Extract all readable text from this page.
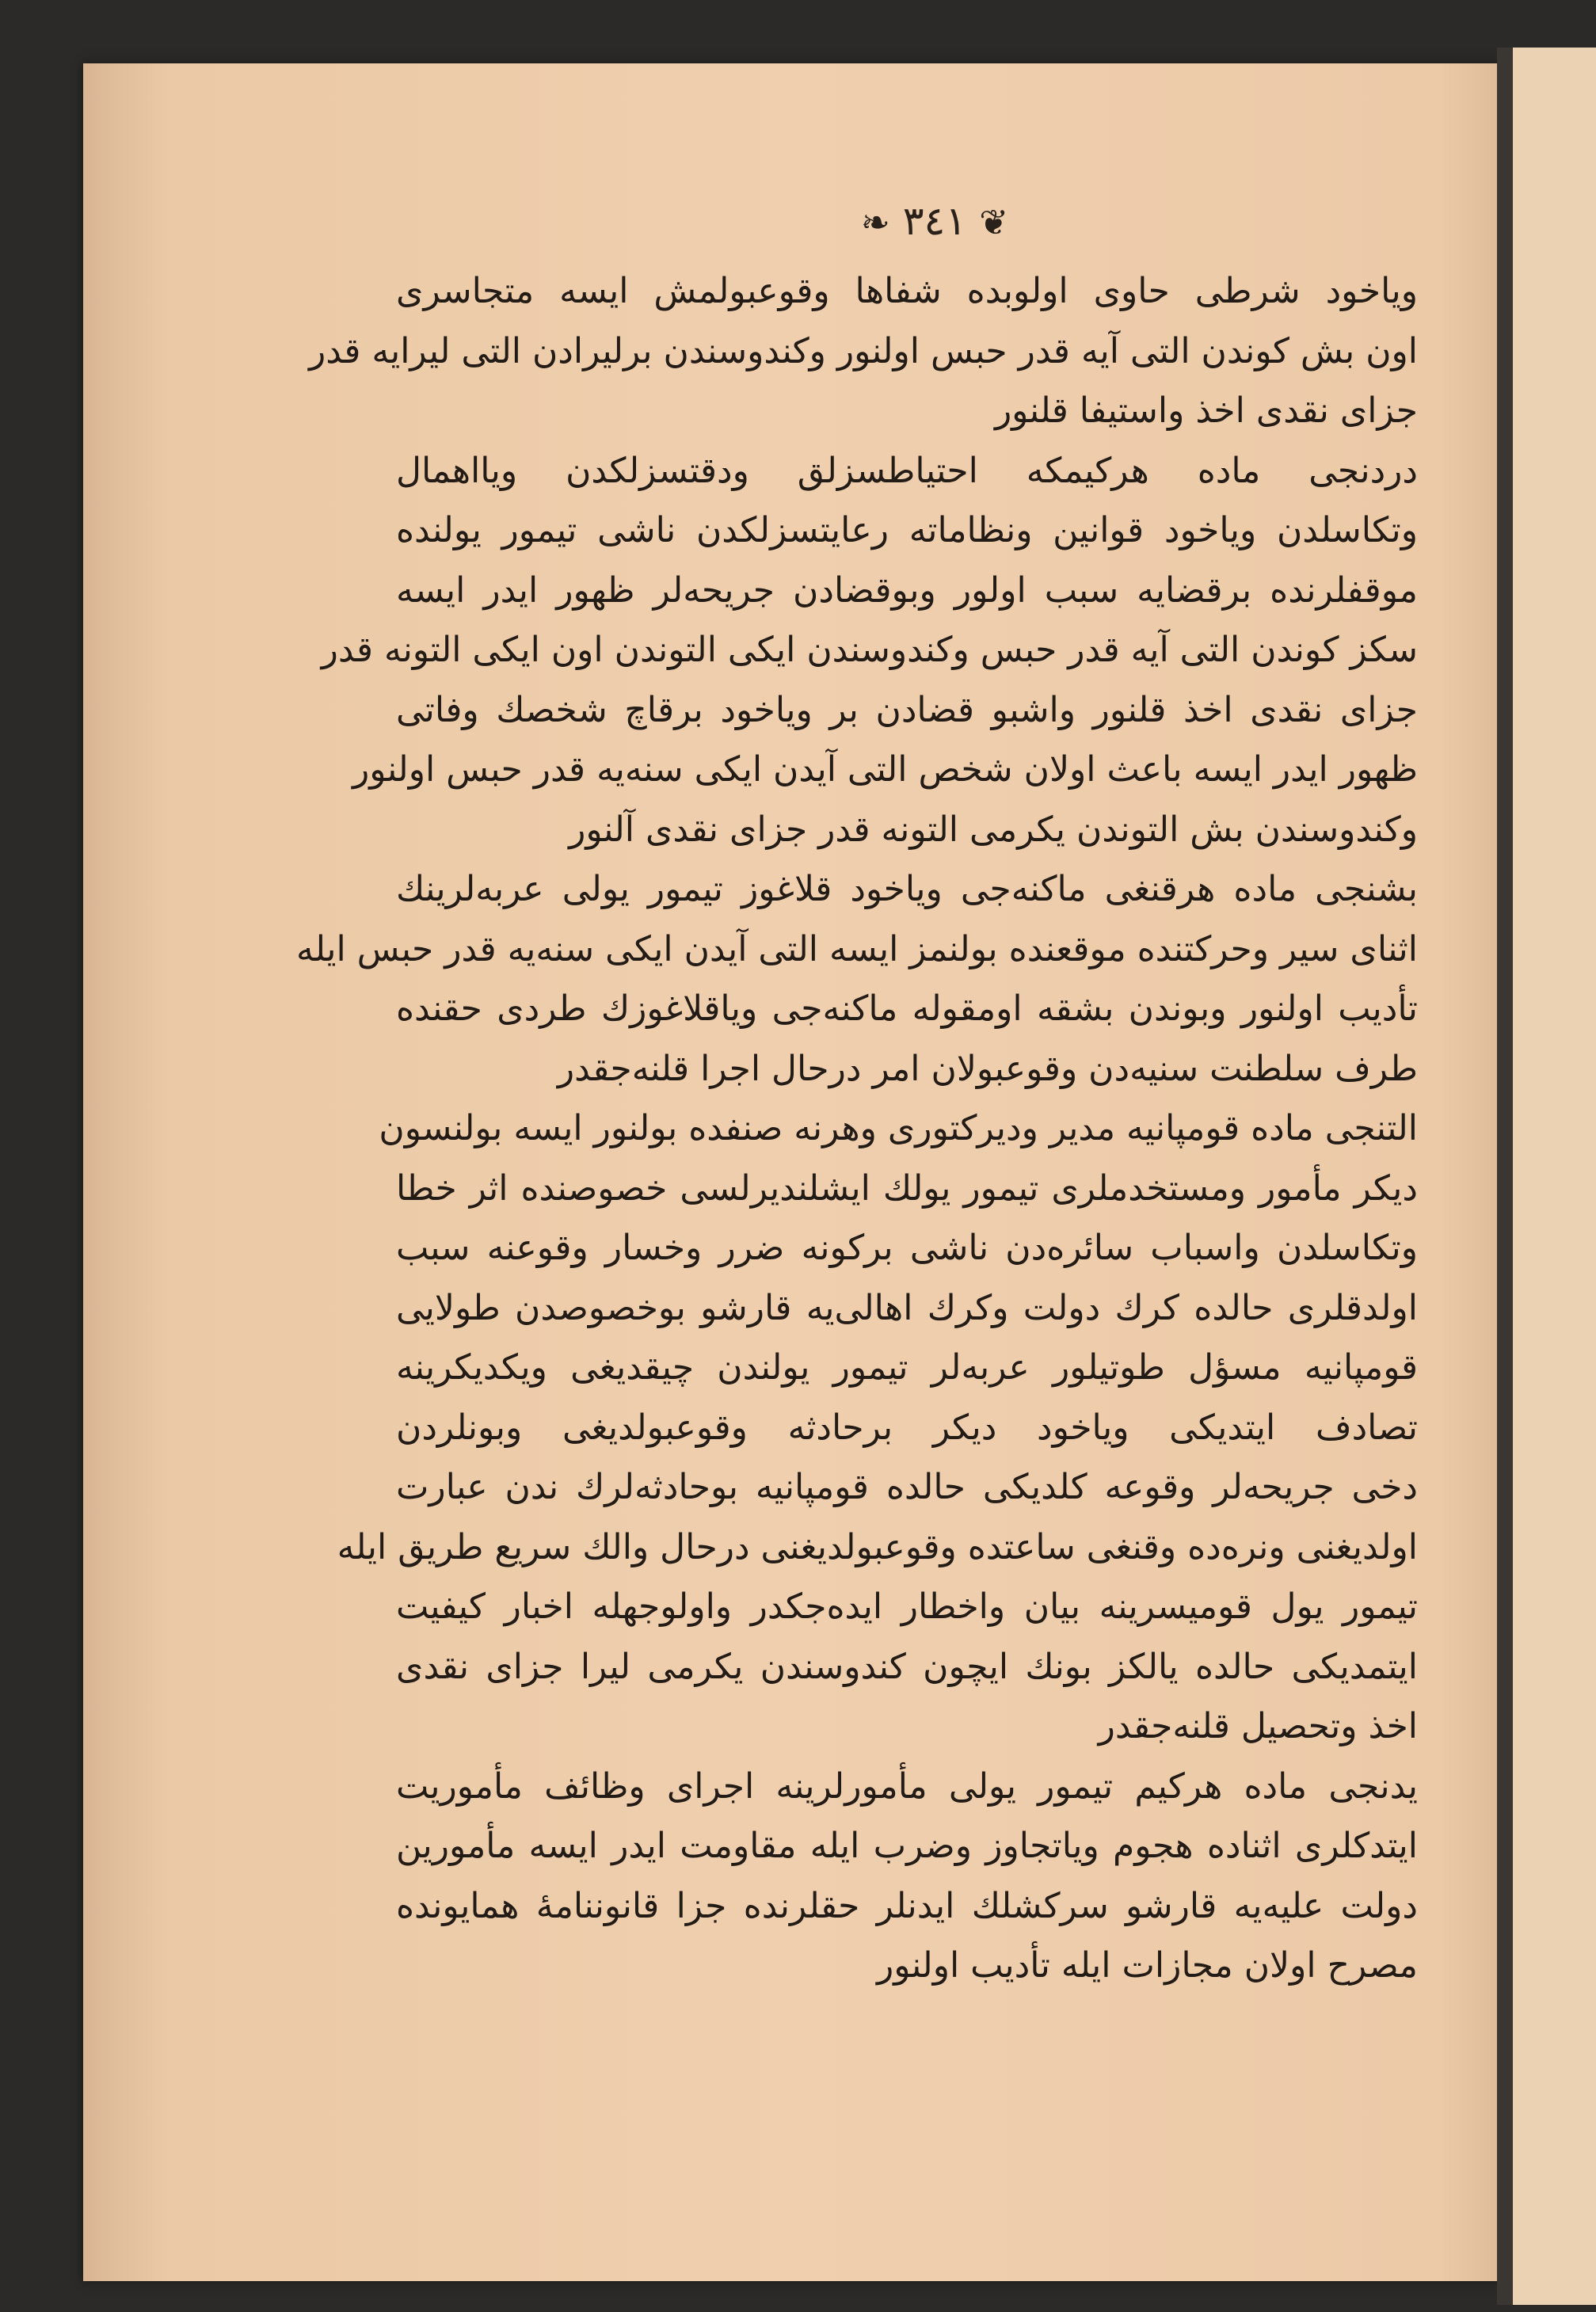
❦ ٣٤١ ❧
وياخود شرطی حاوی اولوبده شفاها وقوعبولمش ایسه متجاسری
اون بش کوندن التی آیه قدر حبس اولنور وکندوسندن برلیرادن التی لیرایه قدر
جزای نقدی اخذ واستیفا قلنور
دردنجی ماده هرکیمکه احتیاطسزلق ودقتسزلکدن ویااهمال
وتکاسلدن وياخود قوانین ونظاماته رعایتسزلکدن ناشی تیمور یولنده
موقفلرنده برقضایه سبب اولور وبوقضادن جریحه‌لر ظهور ایدر ایسه
سکز کوندن التی آیه قدر حبس وکندوسندن ایکی التوندن اون ایکی التونه قدر
جزای نقدی اخذ قلنور واشبو قضادن بر وياخود برقاچ شخصك وفاتی
ظهور ایدر ایسه باعث اولان شخص التی آیدن ایکی سنه‌یه قدر حبس اولنور
وکندوسندن بش التوندن یکرمی التونه قدر جزای نقدی آلنور
بشنجی ماده هرقنغی ماکنه‌جی وياخود قلاغوز تیمور یولی عربه‌لرینك
اثنای سیر وحرکتنده موقعنده بولنمز ایسه التی آیدن ایکی سنه‌یه قدر حبس ایله
تأدیب اولنور وبوندن بشقه اومقوله ماکنه‌جی وياقلاغوزك طردی حقنده
طرف سلطنت سنیه‌دن وقوعبولان امر درحال اجرا قلنه‌جقدر
التنجی ماده قومپانیه مدیر ودیرکتوری وهرنه صنفده بولنور ایسه بولنسون
دیکر مأمور ومستخدملری تیمور یولك ایشلندیرلسی خصوصنده اثر خطا
وتکاسلدن واسباب سائره‌دن ناشی برکونه ضرر وخسار وقوعنه سبب
اولدقلری حالده کرك دولت وکرك اهالی‌یه قارشو بوخصوصدن طولایی
قومپانیه مسؤل طوتیلور عربه‌لر تیمور یولندن چیقدیغی ویکدیکرینه
تصادف ایتدیکی وياخود دیکر برحادثه وقوعبولدیغی وبونلردن
دخی جریحه‌لر وقوعه کلدیکی حالده قومپانیه بوحادثه‌لرك ندن عبارت
اولدیغنی ونره‌ده وقنغی ساعتده وقوعبولدیغنی درحال والك سریع طریق ایله
تیمور یول قومیسرینه بیان واخطار ایده‌جکدر واولوجهله اخبار کیفیت
ایتمدیکی حالده یالکز بونك ایچون کندوسندن یکرمی لیرا جزای نقدی
اخذ وتحصیل قلنه‌جقدر
یدنجی ماده هرکیم تیمور یولی مأمورلرینه اجرای وظائف مأموریت
ایتدکلری اثناده هجوم وياتجاوز وضرب ایله مقاومت ایدر ایسه مأمورین
دولت علیه‌یه قارشو سرکشلك ایدنلر حقلرنده جزا قانوننامهٔ همایونده
مصرح اولان مجازات ایله تأدیب اولنور
